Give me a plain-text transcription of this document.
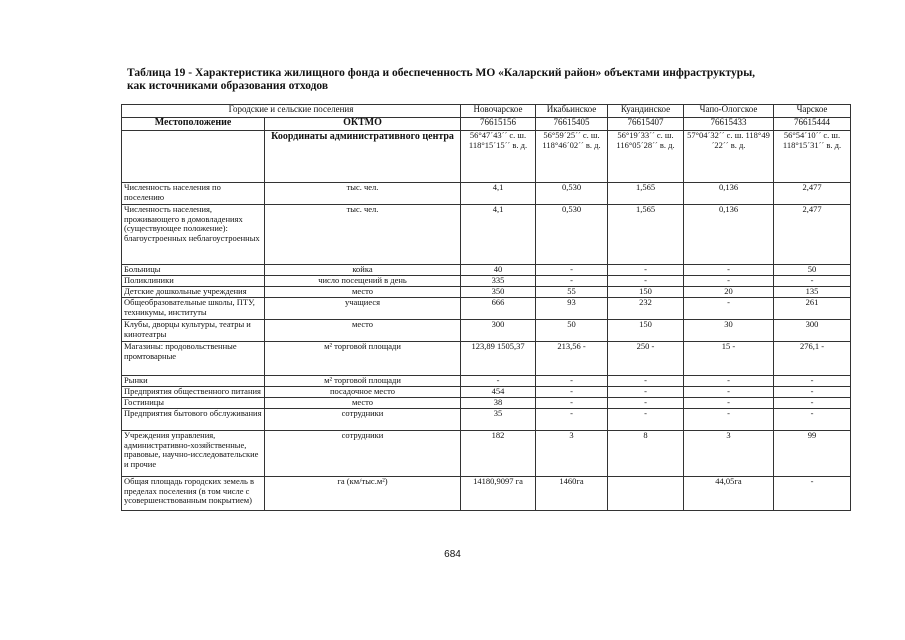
Таблица 19 - Характеристика жилищного фонда и обеспеченность МО «Каларский район» объектами инфраструктуры,
как источниками образования отходов
Городские и сельские поселения		Новочарское	Икабьинское	Куандинское	Чапо-Ологское	Чарское
Местоположение	ОКТМО	76615156	76615405	76615407	76615433	76615444
	Координаты административного центра	56°47´43´´ с. ш. 118°15´15´´ в. д.	56°59´25´´ с. ш. 118°46´02´´ в. д.	56°19´33´´ с. ш. 116°05´28´´ в. д.	57°04´32´´ с. ш. 118°49´22´´ в. д.	56°54´10´´ с. ш. 118°15´31´´ в. д.
Численность населения по поселению	тыс. чел.	4,1	0,530	1,565	0,136	2,477
Численность населения, проживающего в домовладениях (существующее положение): благоустроенных неблагоустроенных	тыс. чел.	4,1	0,530	1,565	0,136	2,477
Больницы	койка	40	-	-	-	50
Поликлиники	число посещений в день	335	-	-	-	-
Детские дошкольные учреждения	место	350	55	150	20	135
Общеобразовательные школы, ПТУ, техникумы, институты	учащиеся	666	93	232	-	261
Клубы, дворцы культуры, театры и кинотеатры	место	300	50	150	30	300
Магазины: продовольственные промтоварные	м² торговой площади	123,89 1505,37	213,56 -	250 -	15 -	276,1 -
Рынки	м² торговой площади	-	-	-	-	-
Предприятия общественного питания	посадочное место	454	-	-	-	-
Гостиницы	место	38	-	-	-	-
Предприятия бытового обслуживания	сотрудники	35	-	-	-	-
Учреждения управления, административно-хозяйственные, правовые, научно-исследовательские и прочие	сотрудники	182	3	8	3	99
Общая площадь городских земель в пределах поселения (в том числе с усовершенствованным покрытием)	га (км/тыс.м²)	14180,9097 га	1460га		44,05га	-
684
